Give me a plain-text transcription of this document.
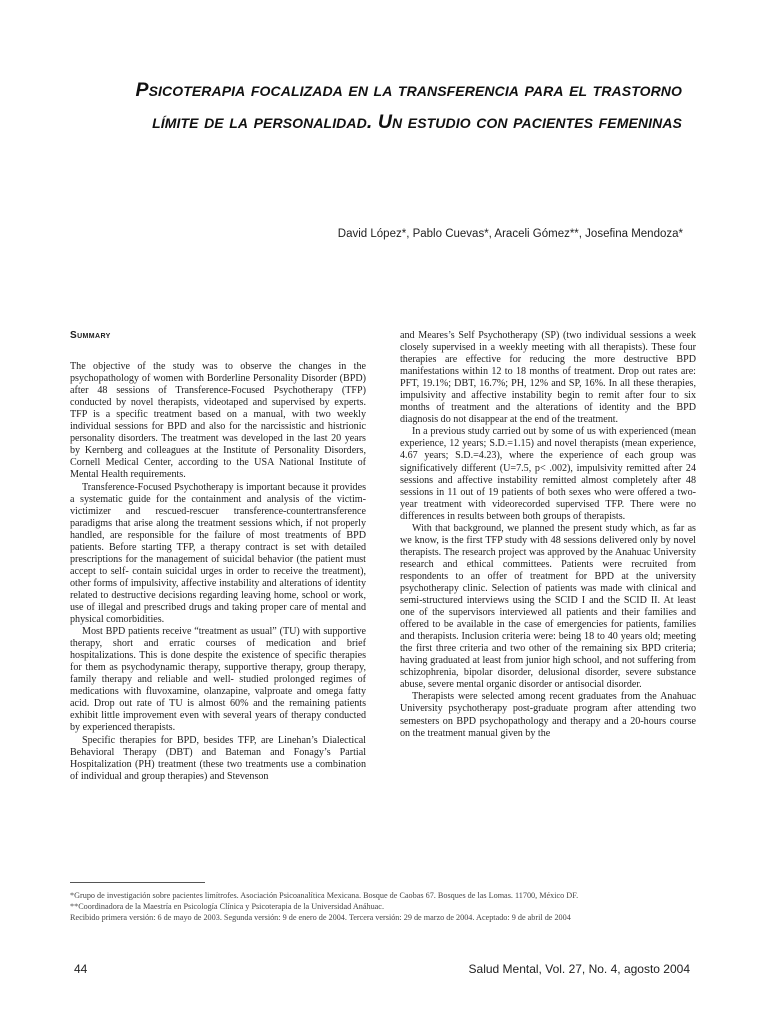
Psicoterapia focalizada en la transferencia para el trastorno límite de la personalidad. Un estudio con pacientes femeninas
David López*, Pablo Cuevas*, Araceli Gómez**, Josefina Mendoza*
Summary

The objective of the study was to observe the changes in the psychopathology of women with Borderline Personality Disorder (BPD) after 48 sessions of Transference-Focused Psychotherapy (TFP) conducted by novel therapists, videotaped and supervised by experts. TFP is a specific treatment based on a manual, with two weekly individual sessions for BPD and also for the narcissistic and histrionic personality disorders. The treatment was developed in the last 20 years by Kernberg and colleagues at the Institute of Personality Disorders, Cornell Medical Center, according to the USA National Institute of Mental Health requirements.

Transference-Focused Psychotherapy is important because it provides a systematic guide for the containment and analysis of the victim-victimizer and rescued-rescuer transference-countertransference paradigms that arise along the treatment sessions which, if not properly handled, are responsible for the failure of most treatments of BPD patients. Before starting TFP, a therapy contract is set with detailed prescriptions for the management of suicidal behavior (the patient must accept to self- contain suicidal urges in order to receive the treatment), other forms of impulsivity, affective instability and alterations of identity related to destructive decisions regarding leaving home, school or work, use of illegal and prescribed drugs and taking proper care of mental and physical comorbidities.

Most BPD patients receive “treatment as usual” (TU) with supportive therapy, short and erratic courses of medication and brief hospitalizations. This is done despite the existence of specific therapies for them as psychodynamic therapy, supportive therapy, group therapy, family therapy and reliable and well- studied prolonged regimes of medications with fluvoxamine, olanzapine, valproate and omega fatty acid. Drop out rate of TU is almost 60% and the remaining patients exhibit little improvement even with several years of therapy conducted by experienced therapists.

Specific therapies for BPD, besides TFP, are Linehan’s Dialectical Behavioral Therapy (DBT) and Bateman and Fonagy’s Partial Hospitalization (PH) treatment (these two treatments use a combination of individual and group therapies) and Stevenson

and Meares’s Self Psychotherapy (SP) (two individual sessions a week closely supervised in a weekly meeting with all therapists). These four therapies are effective for reducing the more destructive BPD manifestations within 12 to 18 months of treatment. Drop out rates are: PFT, 19.1%; DBT, 16.7%; PH, 12% and SP, 16%. In all these therapies, impulsivity and affective instability begin to remit after four to six months of treatment and the alterations of identity and the BPD diagnosis do not disappear at the end of the treatment.

In a previous study carried out by some of us with experienced (mean experience, 12 years; S.D.=1.15) and novel therapists (mean experience, 4.67 years; S.D.=4.23), where the experience of each group was significatively different (U=7.5, p< .002), impulsivity remitted after 24 sessions and affective instability remitted almost completely after 48 sessions in 11 out of 19 patients of both sexes who were offered a two-year treatment with videorecorded supervised TFP. There were no differences in results between both groups of therapists.

With that background, we planned the present study which, as far as we know, is the first TFP study with 48 sessions delivered only by novel therapists. The research project was approved by the Anahuac University research and ethical committees. Patients were recruited from respondents to an offer of treatment for BPD at the university psychotherapy clinic. Selection of patients was made with clinical and semi-structured interviews using the SCID I and the SCID II. At least one of the supervisors interviewed all patients and their families and offered to be available in the case of emergencies for patients, families and therapists. Inclusion criteria were: being 18 to 40 years old; meeting the first three criteria and two other of the remaining six BPD criteria; having graduated at least from junior high school, and not suffering from schizophrenia, bipolar disorder, delusional disorder, severe substance abuse, severe mental organic disorder or antisocial disorder.

Therapists were selected among recent graduates from the Anahuac University psychotherapy post-graduate program after attending two semesters on BPD psychopathology and therapy and a 20-hours course on the treatment manual given by the

*Grupo de investigación sobre pacientes limítrofes. Asociación Psicoanalítica Mexicana. Bosque de Caobas 67. Bosques de las Lomas. 11700, México DF.

**Coordinadora de la Maestría en Psicología Clínica y Psicoterapia de la Universidad Anáhuac.

Recibido primera versión: 6 de mayo de 2003. Segunda versión: 9 de enero de 2004. Tercera versión: 29 de marzo de 2004. Aceptado: 9 de abril de 2004

44	Salud Mental, Vol. 27, No. 4, agosto 2004
